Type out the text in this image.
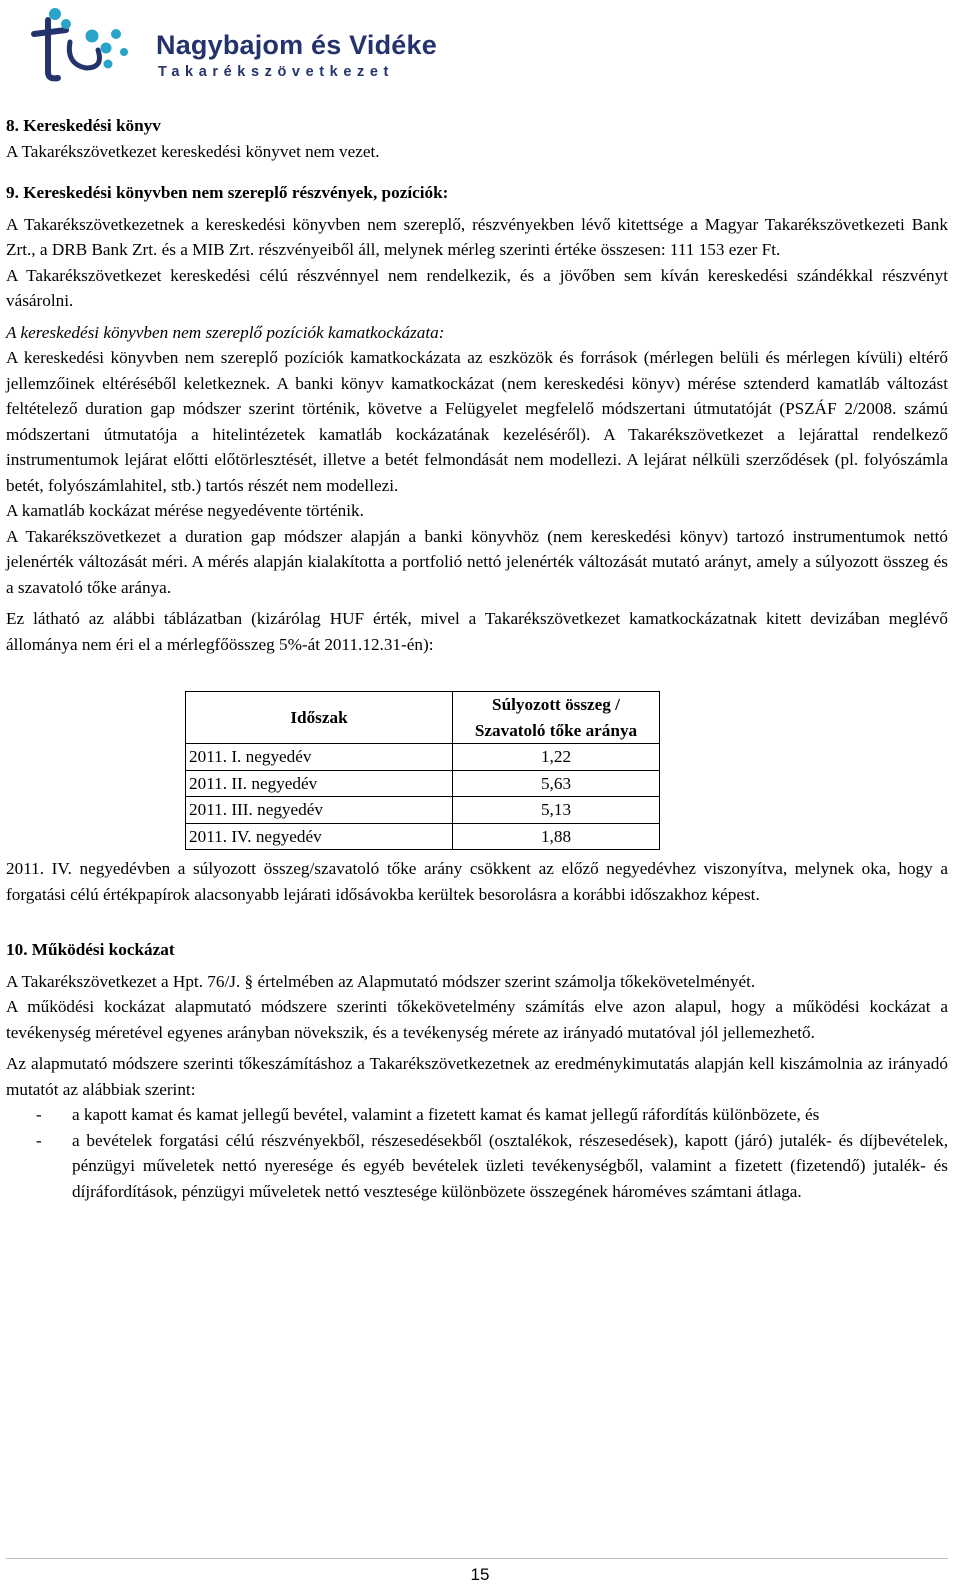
Nagybajom és Vidéke
Takarékszövetkezet

8. Kereskedési könyv

A Takarékszövetkezet kereskedési könyvet nem vezet.

9. Kereskedési könyvben nem szereplő részvények, pozíciók:

A Takarékszövetkezetnek a kereskedési könyvben nem szereplő, részvényekben lévő kitettsége a Magyar Takarékszövetkezeti Bank Zrt., a DRB Bank Zrt. és a MIB Zrt. részvényeiből áll, melynek mérleg szerinti értéke összesen: 111 153 ezer Ft.

A Takarékszövetkezet kereskedési célú részvénnyel nem rendelkezik, és a jövőben sem kíván kereskedési szándékkal részvényt vásárolni.

A kereskedési könyvben nem szereplő pozíciók kamatkockázata:

A kereskedési könyvben nem szereplő pozíciók kamatkockázata az eszközök és források (mérlegen belüli és mérlegen kívüli) eltérő jellemzőinek eltéréséből keletkeznek. A banki könyv kamatkockázat (nem kereskedési könyv) mérése sztenderd kamatláb változást feltételező duration gap módszer szerint történik, követve a Felügyelet megfelelő módszertani útmutatóját (PSZÁF 2/2008. számú módszertani útmutatója a hitelintézetek kamatláb kockázatának kezeléséről). A Takarékszövetkezet a lejárattal rendelkező instrumentumok lejárat előtti előtörlesztését, illetve a betét felmondását nem modellezi. A lejárat nélküli szerződések (pl. folyószámla betét, folyószámlahitel, stb.) tartós részét nem modellezi.

A kamatláb kockázat mérése negyedévente történik.

A Takarékszövetkezet a duration gap módszer alapján a banki könyvhöz (nem kereskedési könyv) tartozó instrumentumok nettó jelenérték változását méri. A mérés alapján kialakította a portfolió nettó jelenérték változását mutató arányt, amely a súlyozott összeg és a szavatoló tőke aránya.

Ez látható az alábbi táblázatban (kizárólag HUF érték, mivel a Takarékszövetkezet kamatkockázatnak kitett devizában meglévő állománya nem éri el a mérlegfőösszeg 5%-át 2011.12.31-én):

Időszak	Súlyozott összeg / Szavatoló tőke aránya
2011. I. negyedév	1,22
2011. II. negyedév	5,63
2011. III. negyedév	5,13
2011. IV. negyedév	1,88

2011. IV. negyedévben a súlyozott összeg/szavatoló tőke arány csökkent az előző negyedévhez viszonyítva, melynek oka, hogy a forgatási célú értékpapírok alacsonyabb lejárati idősávokba kerültek besorolásra a korábbi időszakhoz képest.

10. Működési kockázat

A Takarékszövetkezet a Hpt. 76/J. § értelmében az Alapmutató módszer szerint számolja tőkekövetelményét.

A működési kockázat alapmutató módszere szerinti tőkekövetelmény számítás elve azon alapul, hogy a működési kockázat a tevékenység méretével egyenes arányban növekszik, és a tevékenység mérete az irányadó mutatóval jól jellemezhető.

Az alapmutató módszere szerinti tőkeszámításhoz a Takarékszövetkezetnek az eredménykimutatás alapján kell kiszámolnia az irányadó mutatót az alábbiak szerint:

-	a kapott kamat és kamat jellegű bevétel, valamint a fizetett kamat és kamat jellegű ráfordítás különbözete, és
-	a bevételek forgatási célú részvényekből, részesedésekből (osztalékok, részesedések), kapott (járó) jutalék- és díjbevételek, pénzügyi műveletek nettó nyeresége és egyéb bevételek üzleti tevékenységből, valamint a fizetett (fizetendő) jutalék- és díjráfordítások, pénzügyi műveletek nettó vesztesége különbözete összegének hároméves számtani átlaga.
15
